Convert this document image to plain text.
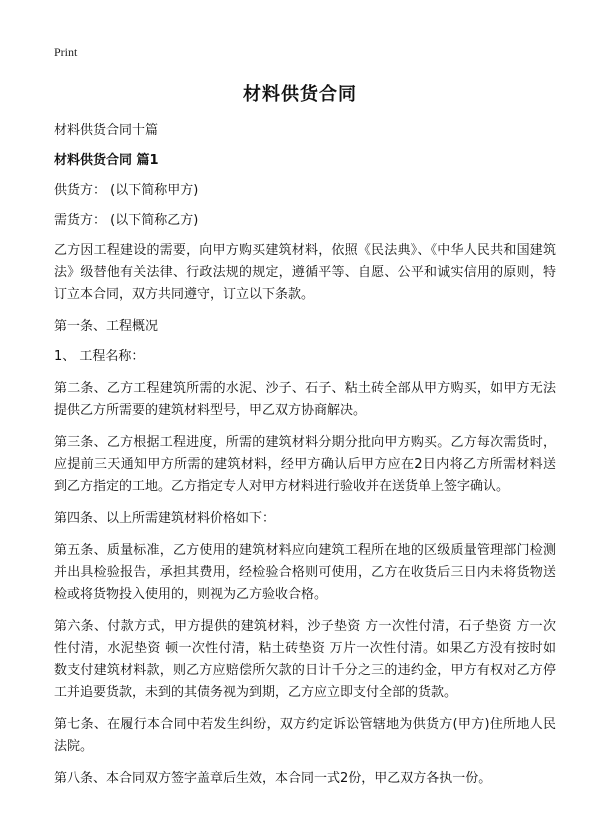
Print
材料供货合同

材料供货合同十篇

材料供货合同 篇1

供货方： (以下简称甲方)

需货方： (以下简称乙方)

乙方因工程建设的需要，向甲方购买建筑材料，依照《民法典》、《中华人民共和国建筑法》级替他有关法律、行政法规的规定，遵循平等、自愿、公平和诚实信用的原则，特订立本合同，双方共同遵守，订立以下条款。

第一条、工程概况

1、 工程名称：

第二条、乙方工程建筑所需的水泥、沙子、石子、粘土砖全部从甲方购买，如甲方无法提供乙方所需要的建筑材料型号，甲乙双方协商解决。

第三条、乙方根据工程进度，所需的建筑材料分期分批向甲方购买。乙方每次需货时，应提前三天通知甲方所需的建筑材料，经甲方确认后甲方应在2日内将乙方所需材料送到乙方指定的工地。乙方指定专人对甲方材料进行验收并在送货单上签字确认。

第四条、以上所需建筑材料价格如下：

第五条、质量标准，乙方使用的建筑材料应向建筑工程所在地的区级质量管理部门检测并出具检验报告，承担其费用，经检验合格则可使用，乙方在收货后三日内未将货物送检或将货物投入使用的，则视为乙方验收合格。

第六条、付款方式，甲方提供的建筑材料，沙子垫资 方一次性付清，石子垫资 方一次性付清，水泥垫资 顿一次性付清，粘土砖垫资 万片一次性付清。如果乙方没有按时如数支付建筑材料款，则乙方应赔偿所欠款的日计千分之三的违约金，甲方有权对乙方停工并追要货款，未到的其债务视为到期，乙方应立即支付全部的货款。

第七条、在履行本合同中若发生纠纷，双方约定诉讼管辖地为供货方(甲方)住所地人民法院。

第八条、本合同双方签字盖章后生效，本合同一式2份，甲乙双方各执一份。
